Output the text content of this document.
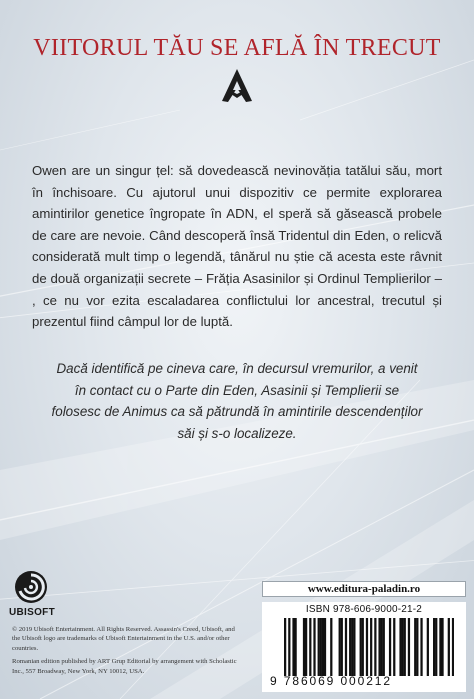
VIITORUL TĂU SE AFLĂ ÎN TRECUT

Owen are un singur țel: să dovedească nevinovăția tatălui său, mort în închisoare. Cu ajutorul unui dispozitiv ce permite explorarea amintirilor genetice îngropate în ADN, el speră să găsească probele de care are nevoie. Când descoperă însă Tridentul din Eden, o relicvă considerată mult timp o legendă, tânărul nu știe că acesta este râvnit de două organizații secrete – Frăția Asasinilor și Ordinul Templierilor – , ce nu vor ezita escaladarea conflictului lor ancestral, trecutul și prezentul fiind câmpul lor de luptă.

Dacă identifică pe cineva care, în decursul vremurilor, a venit în contact cu o Parte din Eden, Asasinii și Templierii se folosesc de Animus ca să pătrundă în amintirile descendenților săi și s-o localizeze.

UBISOFT

© 2019 Ubisoft Entertainment. All Rights Reserved. Assassin's Creed, Ubisoft, and the Ubisoft logo are trademarks of Ubisoft Entertainment in the U.S. and/or other countries.

Romanian edition published by ART Grup Editorial by arrangement with Scholastic Inc., 557 Broadway, New York, NY 10012, USA.

www.editura-paladin.ro
ISBN 978-606-9000-21-2
9 786069 000212
